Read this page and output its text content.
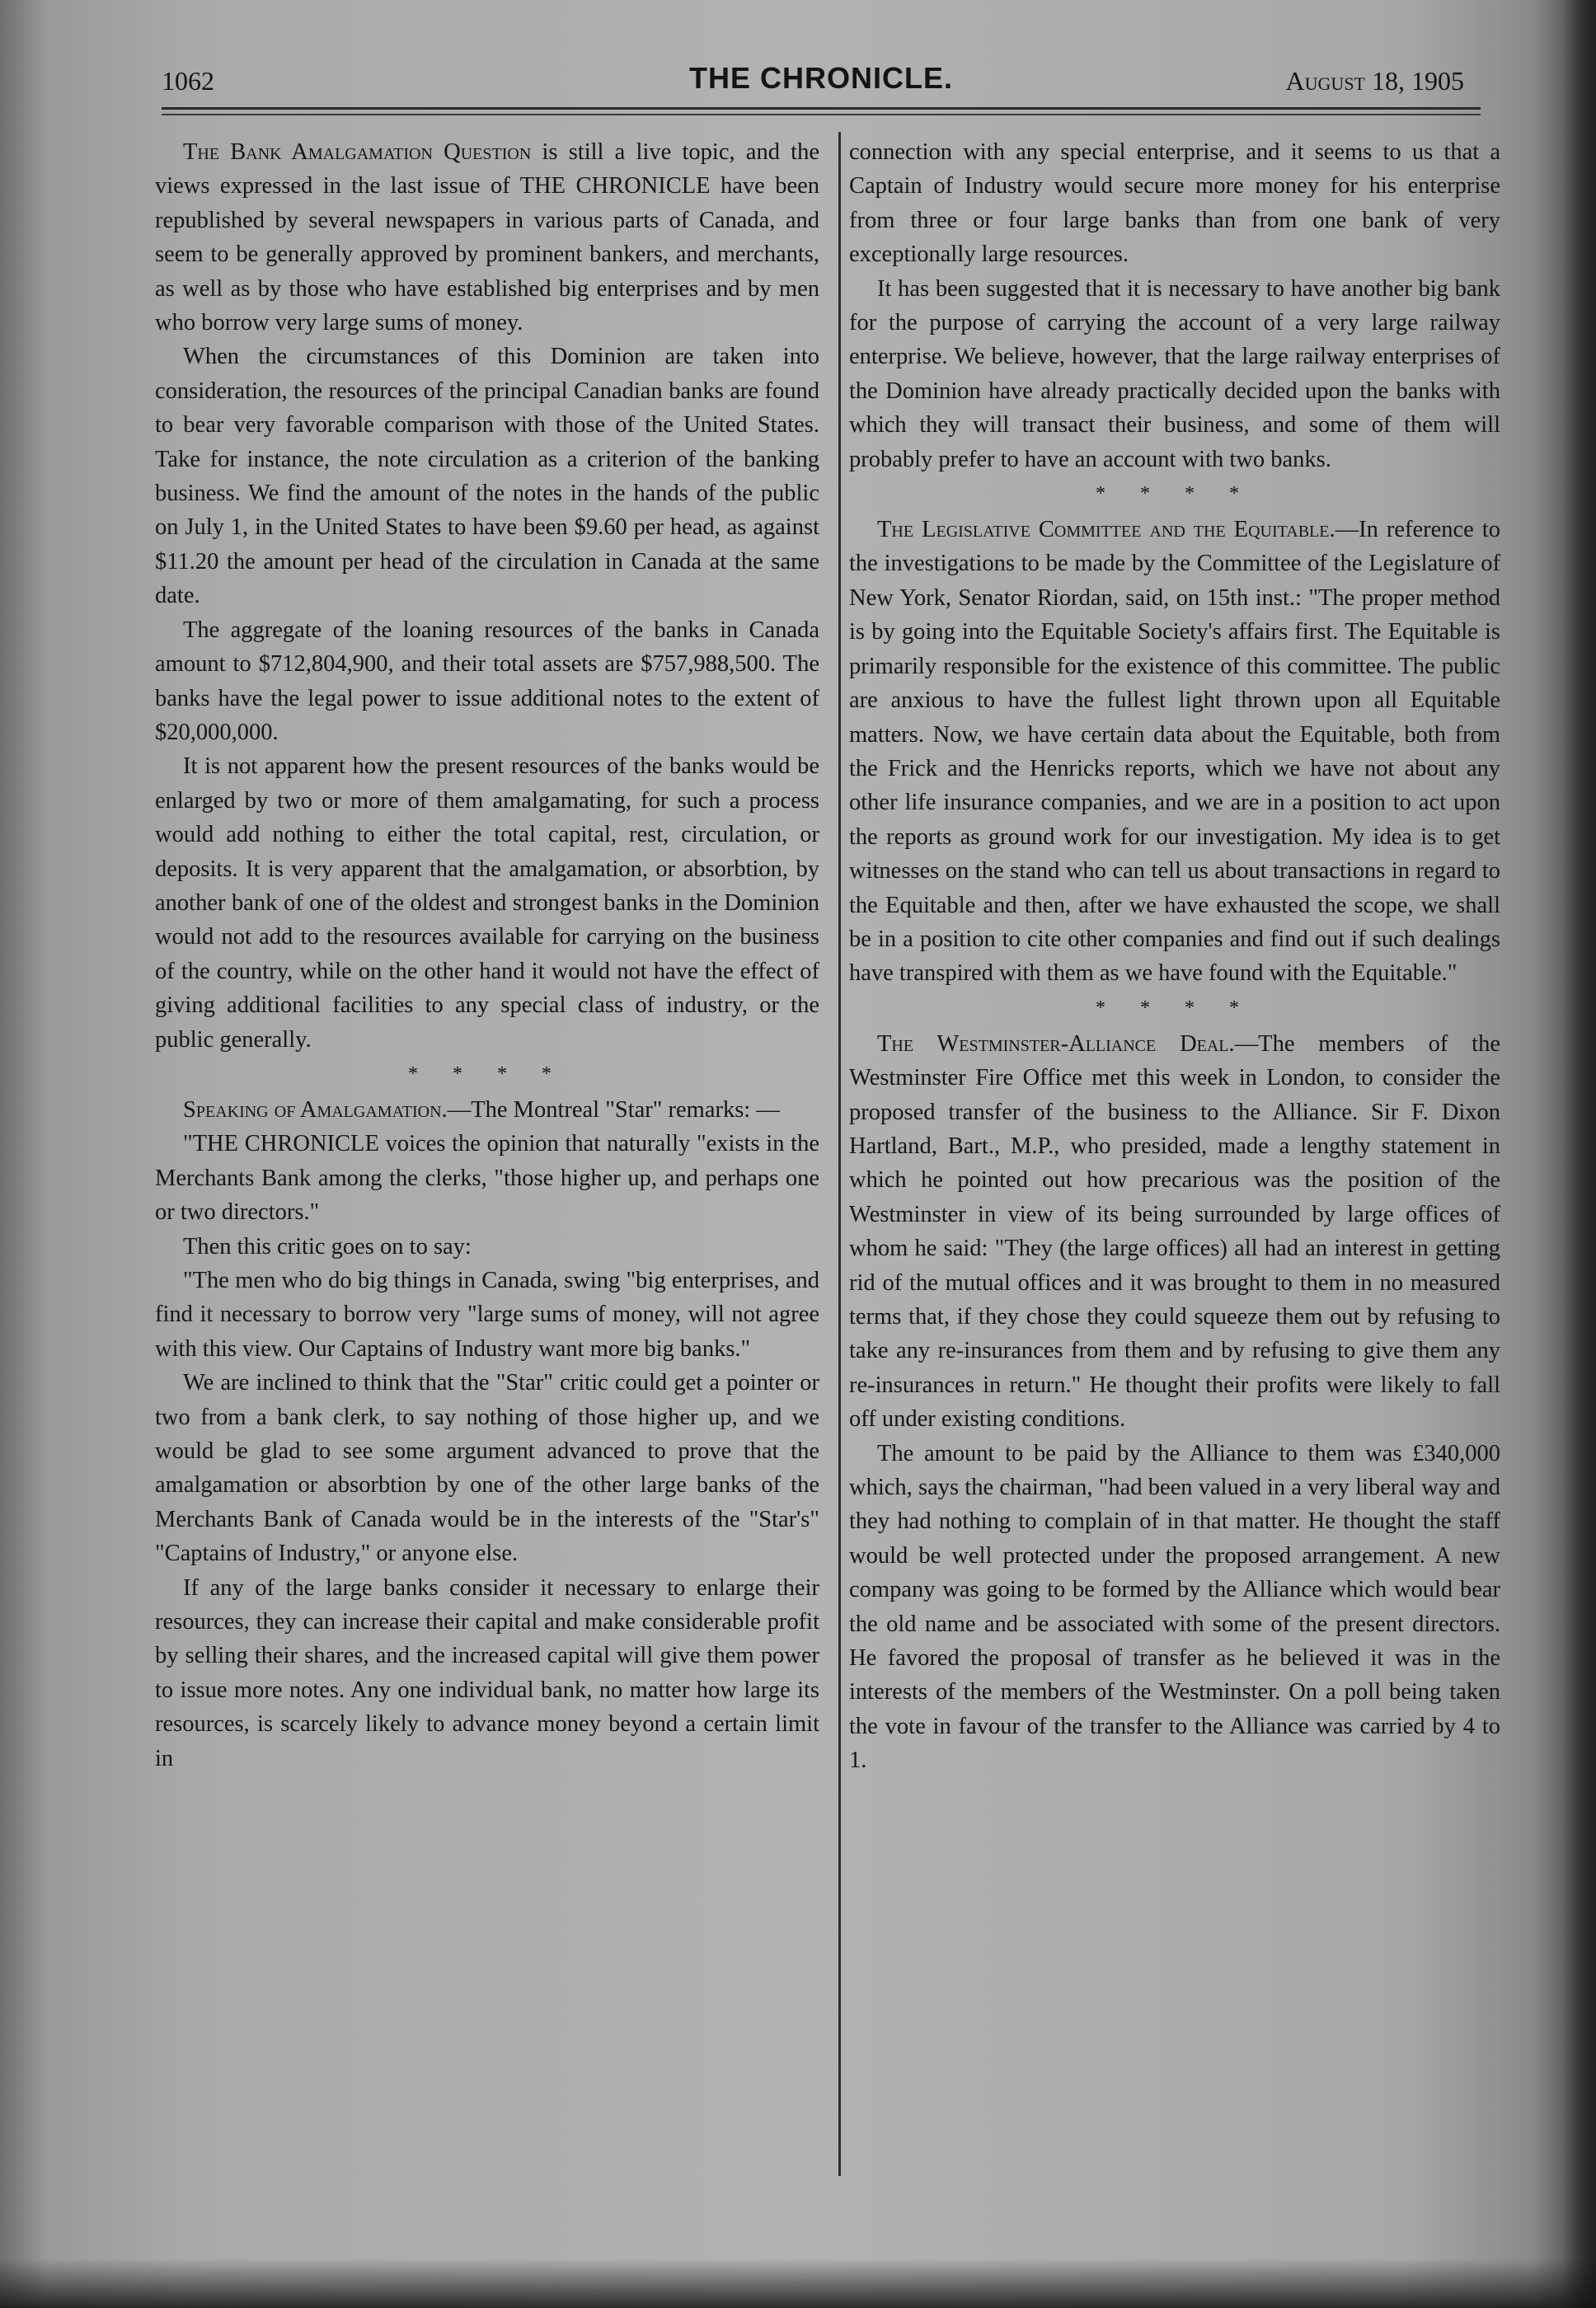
1062	THE CHRONICLE.	August 18, 1905

The Bank Amalgamation Question is still a live topic, and the views expressed in the last issue of THE CHRONICLE have been republished by several newspapers in various parts of Canada, and seem to be generally approved by prominent bankers, and merchants, as well as by those who have established big enterprises and by men who borrow very large sums of money.

When the circumstances of this Dominion are taken into consideration, the resources of the principal Canadian banks are found to bear very favorable comparison with those of the United States. Take for instance, the note circulation as a criterion of the banking business. We find the amount of the notes in the hands of the public on July 1, in the United States to have been $9.60 per head, as against $11.20 the amount per head of the circulation in Canada at the same date.

The aggregate of the loaning resources of the banks in Canada amount to $712,804,900, and their total assets are $757,988,500. The banks have the legal power to issue additional notes to the extent of $20,000,000.

It is not apparent how the present resources of the banks would be enlarged by two or more of them amalgamating, for such a process would add nothing to either the total capital, rest, circulation, or deposits. It is very apparent that the amalgamation, or absorbtion, by another bank of one of the oldest and strongest banks in the Dominion would not add to the resources available for carrying on the business of the country, while on the other hand it would not have the effect of giving additional facilities to any special class of industry, or the public generally.

* * * *

Speaking of Amalgamation.—The Montreal "Star" remarks: —

"THE CHRONICLE voices the opinion that naturally "exists in the Merchants Bank among the clerks, "those higher up, and perhaps one or two directors."

Then this critic goes on to say:

"The men who do big things in Canada, swing "big enterprises, and find it necessary to borrow very "large sums of money, will not agree with this view. Our Captains of Industry want more big banks."

We are inclined to think that the "Star" critic could get a pointer or two from a bank clerk, to say nothing of those higher up, and we would be glad to see some argument advanced to prove that the amalgamation or absorbtion by one of the other large banks of the Merchants Bank of Canada would be in the interests of the "Star's" "Captains of Industry," or anyone else.

If any of the large banks consider it necessary to enlarge their resources, they can increase their capital and make considerable profit by selling their shares, and the increased capital will give them power to issue more notes. Any one individual bank, no matter how large its resources, is scarcely likely to advance money beyond a certain limit in

connection with any special enterprise, and it seems to us that a Captain of Industry would secure more money for his enterprise from three or four large banks than from one bank of very exceptionally large resources.

It has been suggested that it is necessary to have another big bank for the purpose of carrying the account of a very large railway enterprise. We believe, however, that the large railway enterprises of the Dominion have already practically decided upon the banks with which they will transact their business, and some of them will probably prefer to have an account with two banks.

* * * *

The Legislative Committee and the Equitable.—In reference to the investigations to be made by the Committee of the Legislature of New York, Senator Riordan, said, on 15th inst.: "The proper method is by going into the Equitable Society's affairs first. The Equitable is primarily responsible for the existence of this committee. The public are anxious to have the fullest light thrown upon all Equitable matters. Now, we have certain data about the Equitable, both from the Frick and the Henricks reports, which we have not about any other life insurance companies, and we are in a position to act upon the reports as ground work for our investigation. My idea is to get witnesses on the stand who can tell us about transactions in regard to the Equitable and then, after we have exhausted the scope, we shall be in a position to cite other companies and find out if such dealings have transpired with them as we have found with the Equitable."

* * * *

The Westminster-Alliance Deal.—The members of the Westminster Fire Office met this week in London, to consider the proposed transfer of the business to the Alliance. Sir F. Dixon Hartland, Bart., M.P., who presided, made a lengthy statement in which he pointed out how precarious was the position of the Westminster in view of its being surrounded by large offices of whom he said: "They (the large offices) all had an interest in getting rid of the mutual offices and it was brought to them in no measured terms that, if they chose they could squeeze them out by refusing to take any re-insurances from them and by refusing to give them any re-insurances in return." He thought their profits were likely to fall off under existing conditions.

The amount to be paid by the Alliance to them was £340,000 which, says the chairman, "had been valued in a very liberal way and they had nothing to complain of in that matter. He thought the staff would be well protected under the proposed arrangement. A new company was going to be formed by the Alliance which would bear the old name and be associated with some of the present directors. He favored the proposal of transfer as he believed it was in the interests of the members of the Westminster. On a poll being taken the vote in favour of the transfer to the Alliance was carried by 4 to 1.
